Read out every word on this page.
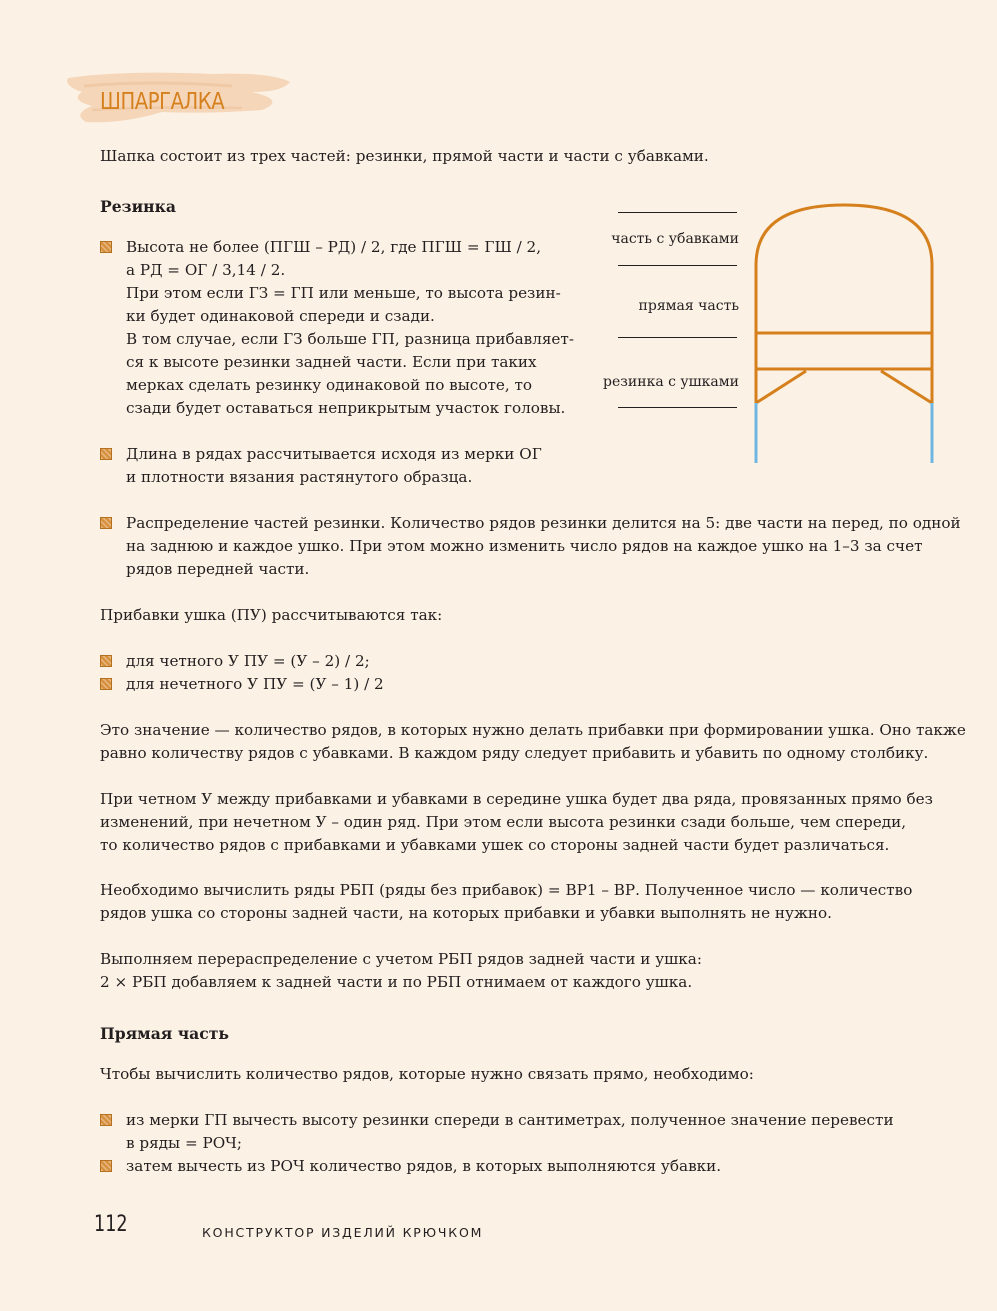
ШПАРГАЛКА

Шапка состоит из трех частей: резинки, прямой части и части с убавками.

Резинка

Высота не более (ПГШ – РД) / 2, где ПГШ = ГШ / 2,
а РД = ОГ / 3,14 / 2.
При этом если ГЗ = ГП или меньше, то высота резин-
ки будет одинаковой спереди и сзади.
В том случае, если ГЗ больше ГП, разница прибавляет-
ся к высоте резинки задней части. Если при таких
мерках сделать резинку одинаковой по высоте, то
сзади будет оставаться неприкрытым участок головы.
Длина в рядах рассчитывается исходя из мерки ОГ
и плотности вязания растянутого образца.
Распределение частей резинки. Количество рядов резинки делится на 5: две части на перед, по одной
на заднюю и каждое ушко. При этом можно изменить число рядов на каждое ушко на 1–3 за счет
рядов передней части.
часть с убавками
прямая часть
резинка с ушками

Прибавки ушка (ПУ) рассчитываются так:

для четного У ПУ = (У – 2) / 2;

для нечетного У ПУ = (У – 1) / 2

Это значение — количество рядов, в которых нужно делать прибавки при формировании ушка. Оно также
равно количеству рядов с убавками. В каждом ряду следует прибавить и убавить по одному столбику.
При четном У между прибавками и убавками в середине ушка будет два ряда, провязанных прямо без
изменений, при нечетном У – один ряд. При этом если высота резинки сзади больше, чем спереди,
то количество рядов с прибавками и убавками ушек со стороны задней части будет различаться.
Необходимо вычислить ряды РБП (ряды без прибавок) = ВР1 – ВР. Полученное число — количество
рядов ушка со стороны задней части, на которых прибавки и убавки выполнять не нужно.
Выполняем перераспределение с учетом РБП рядов задней части и ушка:
2 × РБП добавляем к задней части и по РБП отнимаем от каждого ушка.

Прямая часть

Чтобы вычислить количество рядов, которые нужно связать прямо, необходимо:

из мерки ГП вычесть высоту резинки спереди в сантиметрах, полученное значение перевести
в ряды = РОЧ;

затем вычесть из РОЧ количество рядов, в которых выполняются убавки.

112	КОНСТРУКТОР ИЗДЕЛИЙ КРЮЧКОМ
